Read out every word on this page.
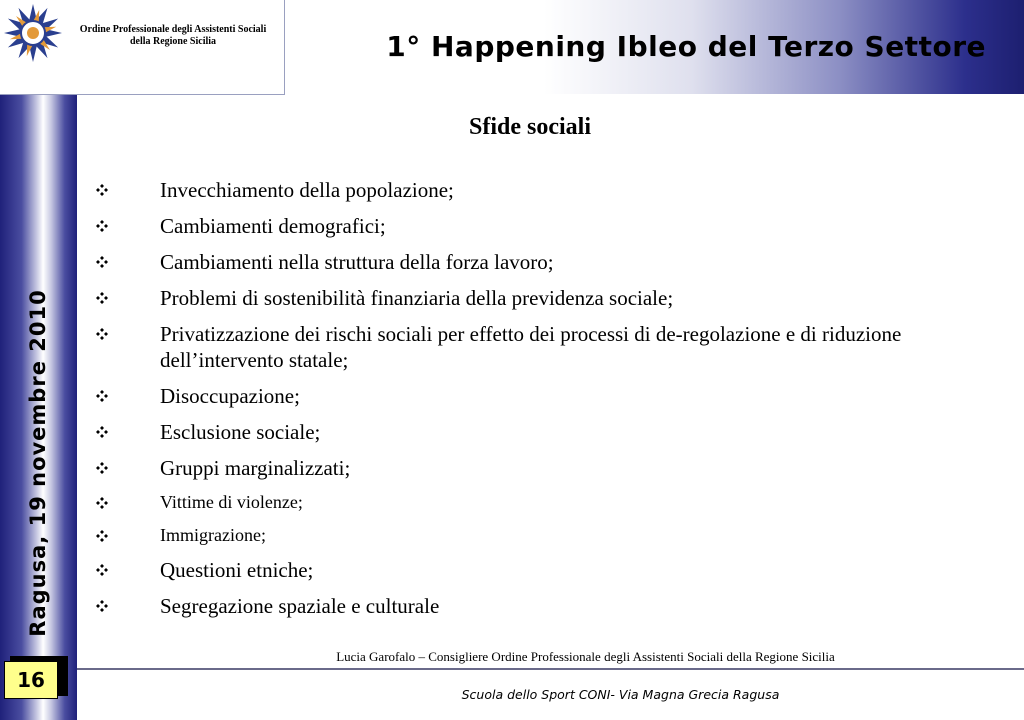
Ordine Professionale degli Assistenti Sociali
della Regione Sicilia	1° Happening Ibleo del Terzo Settore
Ragusa, 19 novembre 2010
16
Sfide sociali
Invecchiamento della popolazione;
Cambiamenti demografici;
Cambiamenti nella struttura della forza lavoro;
Problemi di sostenibilità finanziaria della previdenza sociale;
Privatizzazione dei rischi sociali per effetto dei processi di de-regolazione e di riduzione dell’intervento statale;
Disoccupazione;
Esclusione sociale;
Gruppi marginalizzati;
Vittime di violenze;
Immigrazione;
Questioni etniche;
Segregazione spaziale e culturale
Lucia Garofalo – Consigliere Ordine Professionale degli Assistenti Sociali della Regione Sicilia
Scuola dello Sport CONI- Via Magna Grecia Ragusa
